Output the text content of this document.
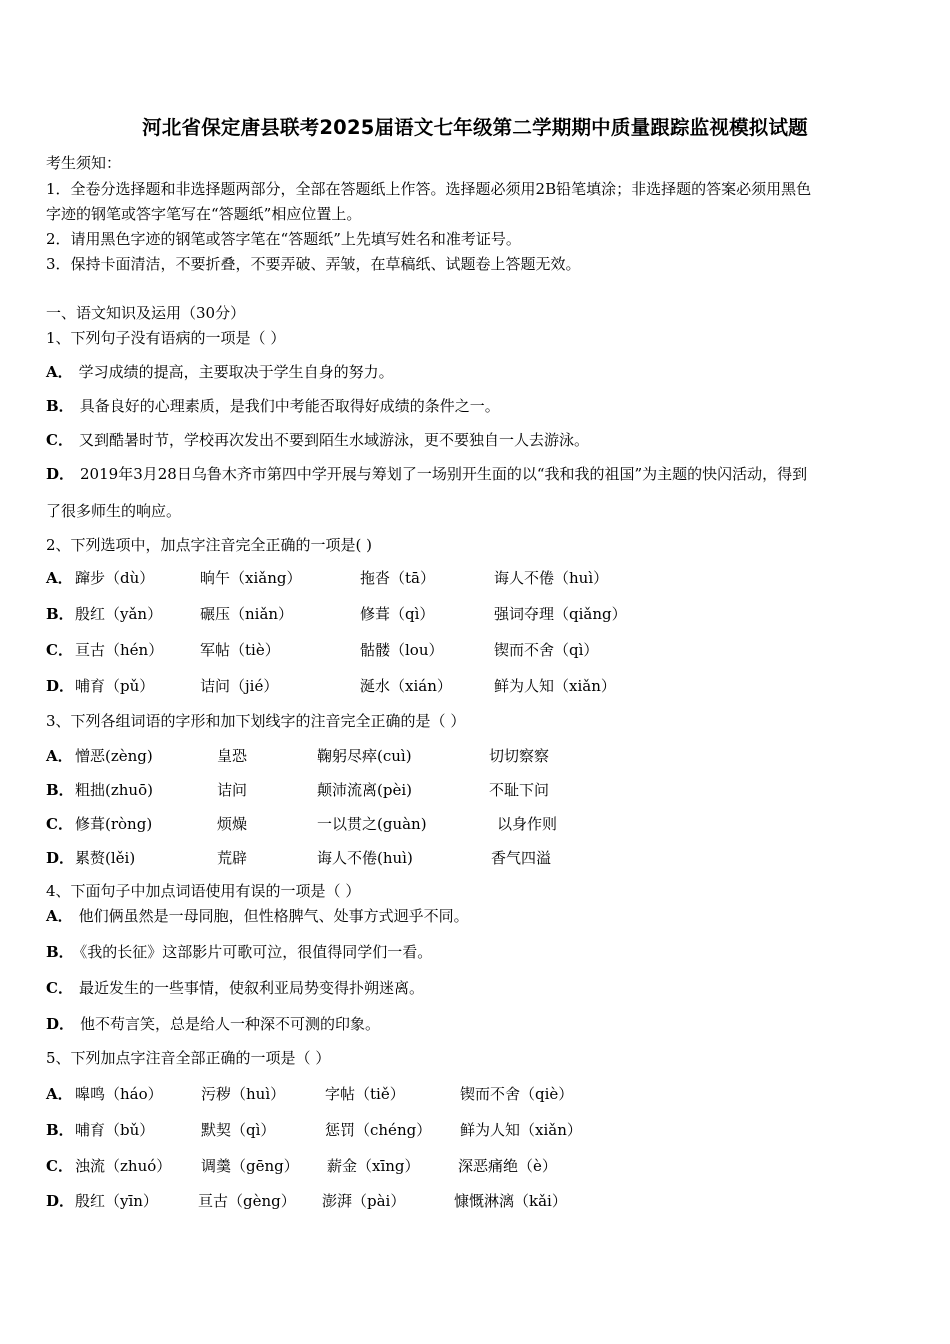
河北省保定唐县联考2025届语文七年级第二学期期中质量跟踪监视模拟试题
考生须知：
1．全卷分选择题和非选择题两部分，全部在答题纸上作答。选择题必须用2B铅笔填涂；非选择题的答案必须用黑色
字迹的钢笔或答字笔写在“答题纸”相应位置上。
2．请用黑色字迹的钢笔或答字笔在“答题纸”上先填写姓名和准考证号。
3．保持卡面清洁，不要折叠，不要弄破、弄皱，在草稿纸、试题卷上答题无效。
一、语文知识及运用（30分）
1、下列句子没有语病的一项是（ ）
A． 学习成绩的提高，主要取决于学生自身的努力。
B． 具备良好的心理素质，是我们中考能否取得好成绩的条件之一。
C． 又到酷暑时节，学校再次发出不要到陌生水域游泳，更不要独自一人去游泳。
D． 2019年3月28日乌鲁木齐市第四中学开展与筹划了一场别开生面的以“我和我的祖国”为主题的快闪活动，得到
了很多师生的响应。
2、下列选项中，加点字注音完全正确的一项是( )
A． 蹿步（dù）	晌午（xiǎng）	拖沓（tā）	诲人不倦（huì）
B． 殷红（yǎn）	碾压（niǎn）	修葺（qì）	强词夺理（qiǎng）
C． 亘古（hén） 军帖（tiè）	骷髅（lou）	锲而不舍（qì）
D． 哺育（pǔ）	诘问（jié）	涎水（xián）	鲜为人知（xiǎn）
3、下列各组词语的字形和加下划线字的注音完全正确的是（ ）
A． 憎恶(zèng)	皇恐	鞠躬尽瘁(cuì)	切切察察
B． 粗拙(zhuō)	诘问	颠沛流离(pèi)	不耻下问
C． 修葺(ròng)	烦燥	一以贯之(guàn)	以身作则
D． 累赘(lěi)	荒辟	诲人不倦(huì)	香气四溢
4、下面句子中加点词语使用有误的一项是（ ）
A． 他们俩虽然是一母同胞，但性格脾气、处事方式迥乎不同。
B． 《我的长征》这部影片可歌可泣，很值得同学们一看。
C． 最近发生的一些事情，使叙利亚局势变得扑朔迷离。
D． 他不苟言笑，总是给人一种深不可测的印象。
5、下列加点字注音全部正确的一项是（ ）
A． 嗥鸣（háo）	污秽（huì）	字帖（tiě）	锲而不舍（qiè）
B． 哺育（bǔ）	默契（qì）	惩罚（chéng） 鲜为人知（xiǎn）
C． 浊流（zhuó） 调羹（gēng） 薪金（xīng）	深恶痛绝（è）
D． 殷红（yīn）	亘古（gèng） 澎湃（pài）	慷慨淋漓（kǎi）
